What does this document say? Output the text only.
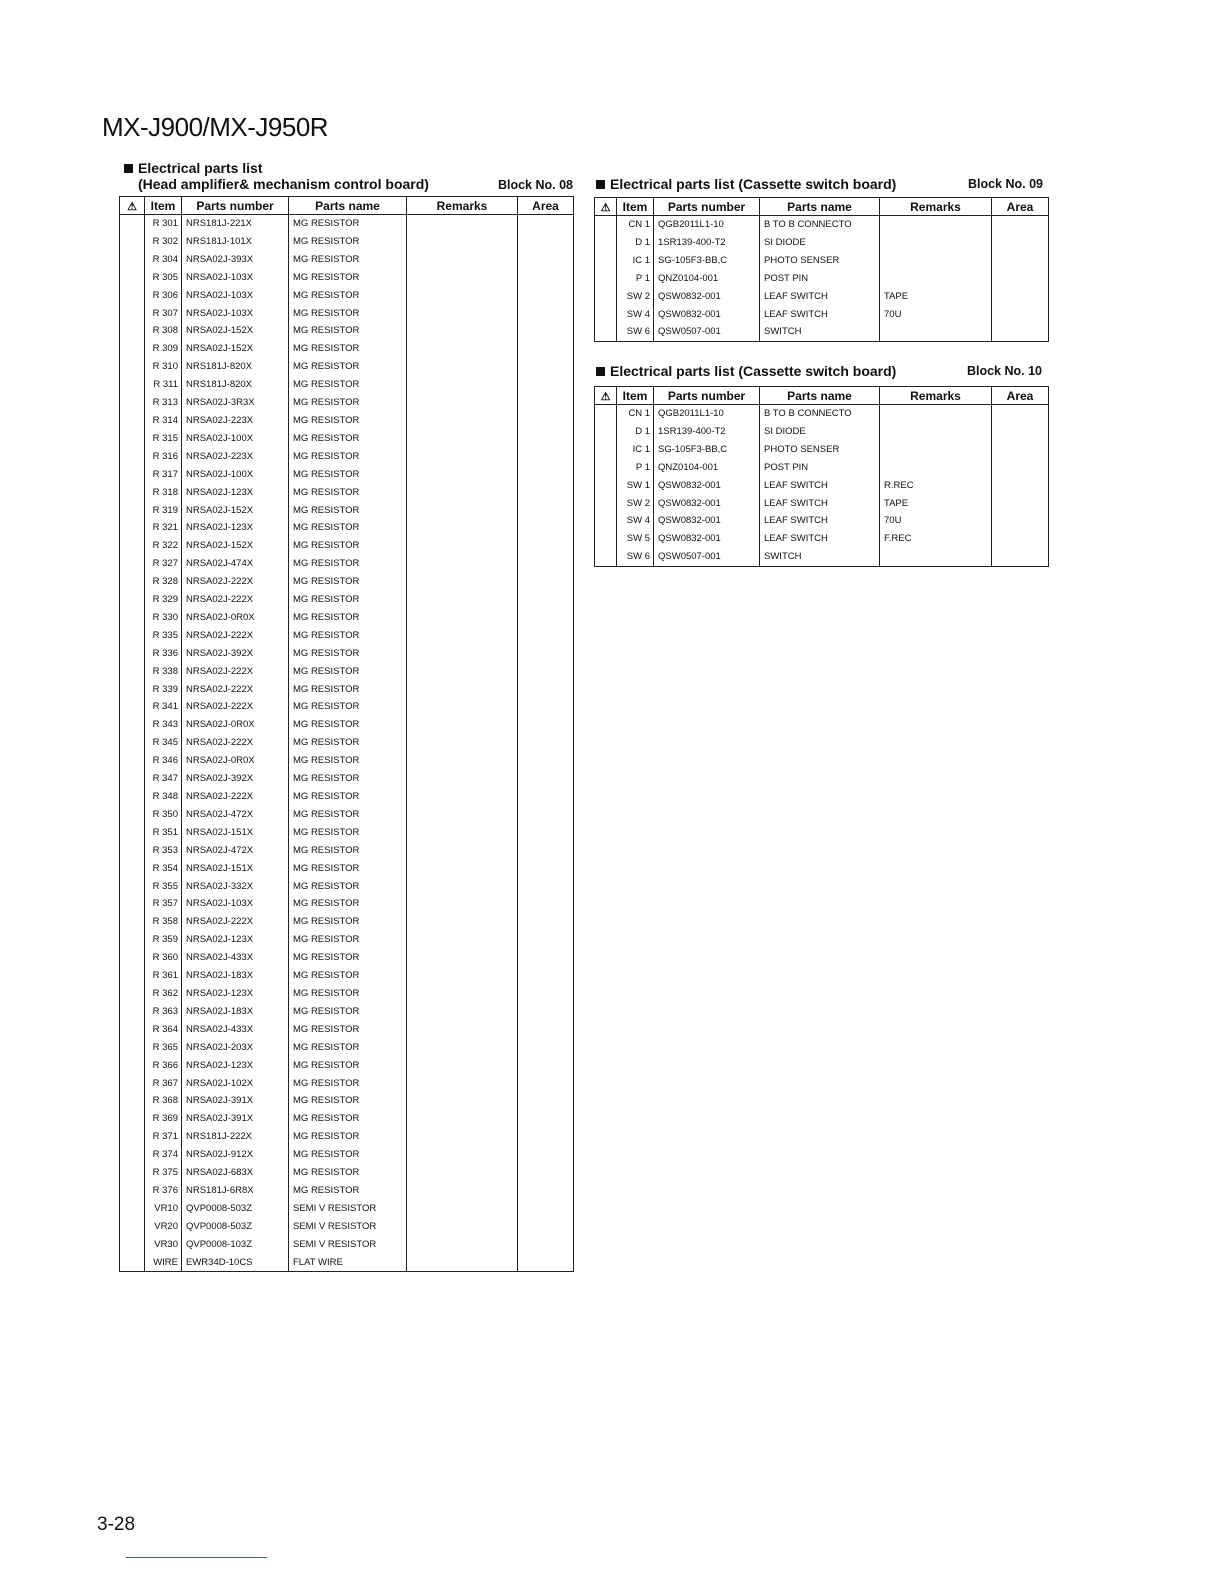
MX-J900/MX-J950R
Electrical parts list
(Head amplifier& mechanism control board)	Block No. 08
⚠	Item	Parts number	Parts name	Remarks	Area
	R 301	NRS181J-221X	MG RESISTOR		
	R 302	NRS181J-101X	MG RESISTOR		
	R 304	NRSA02J-393X	MG RESISTOR		
	R 305	NRSA02J-103X	MG RESISTOR		
	R 306	NRSA02J-103X	MG RESISTOR		
	R 307	NRSA02J-103X	MG RESISTOR		
	R 308	NRSA02J-152X	MG RESISTOR		
	R 309	NRSA02J-152X	MG RESISTOR		
	R 310	NRS181J-820X	MG RESISTOR		
	R 311	NRS181J-820X	MG RESISTOR		
	R 313	NRSA02J-3R3X	MG RESISTOR		
	R 314	NRSA02J-223X	MG RESISTOR		
	R 315	NRSA02J-100X	MG RESISTOR		
	R 316	NRSA02J-223X	MG RESISTOR		
	R 317	NRSA02J-100X	MG RESISTOR		
	R 318	NRSA02J-123X	MG RESISTOR		
	R 319	NRSA02J-152X	MG RESISTOR		
	R 321	NRSA02J-123X	MG RESISTOR		
	R 322	NRSA02J-152X	MG RESISTOR		
	R 327	NRSA02J-474X	MG RESISTOR		
	R 328	NRSA02J-222X	MG RESISTOR		
	R 329	NRSA02J-222X	MG RESISTOR		
	R 330	NRSA02J-0R0X	MG RESISTOR		
	R 335	NRSA02J-222X	MG RESISTOR		
	R 336	NRSA02J-392X	MG RESISTOR		
	R 338	NRSA02J-222X	MG RESISTOR		
	R 339	NRSA02J-222X	MG RESISTOR		
	R 341	NRSA02J-222X	MG RESISTOR		
	R 343	NRSA02J-0R0X	MG RESISTOR		
	R 345	NRSA02J-222X	MG RESISTOR		
	R 346	NRSA02J-0R0X	MG RESISTOR		
	R 347	NRSA02J-392X	MG RESISTOR		
	R 348	NRSA02J-222X	MG RESISTOR		
	R 350	NRSA02J-472X	MG RESISTOR		
	R 351	NRSA02J-151X	MG RESISTOR		
	R 353	NRSA02J-472X	MG RESISTOR		
	R 354	NRSA02J-151X	MG RESISTOR		
	R 355	NRSA02J-332X	MG RESISTOR		
	R 357	NRSA02J-103X	MG RESISTOR		
	R 358	NRSA02J-222X	MG RESISTOR		
	R 359	NRSA02J-123X	MG RESISTOR		
	R 360	NRSA02J-433X	MG RESISTOR		
	R 361	NRSA02J-183X	MG RESISTOR		
	R 362	NRSA02J-123X	MG RESISTOR		
	R 363	NRSA02J-183X	MG RESISTOR		
	R 364	NRSA02J-433X	MG RESISTOR		
	R 365	NRSA02J-203X	MG RESISTOR		
	R 366	NRSA02J-123X	MG RESISTOR		
	R 367	NRSA02J-102X	MG RESISTOR		
	R 368	NRSA02J-391X	MG RESISTOR		
	R 369	NRSA02J-391X	MG RESISTOR		
	R 371	NRS181J-222X	MG RESISTOR		
	R 374	NRSA02J-912X	MG RESISTOR		
	R 375	NRSA02J-683X	MG RESISTOR		
	R 376	NRS181J-6R8X	MG RESISTOR		
	VR10	QVP0008-503Z	SEMI V RESISTOR		
	VR20	QVP0008-503Z	SEMI V RESISTOR		
	VR30	QVP0008-103Z	SEMI V RESISTOR		
	WIRE	EWR34D-10CS	FLAT WIRE		
Electrical parts list (Cassette switch board)	Block No. 09
⚠	Item	Parts number	Parts name	Remarks	Area
	CN 1	QGB2011L1-10	B TO B CONNECTO		
	D 1	1SR139-400-T2	SI DIODE		
	IC 1	SG-105F3-BB,C	PHOTO SENSER		
	P 1	QNZ0104-001	POST PIN		
	SW 2	QSW0832-001	LEAF SWITCH	TAPE	
	SW 4	QSW0832-001	LEAF SWITCH	70U	
	SW 6	QSW0507-001	SWITCH		
Electrical parts list (Cassette switch board)	Block No. 10
⚠	Item	Parts number	Parts name	Remarks	Area
	CN 1	QGB2011L1-10	B TO B CONNECTO		
	D 1	1SR139-400-T2	SI DIODE		
	IC 1	SG-105F3-BB,C	PHOTO SENSER		
	P 1	QNZ0104-001	POST PIN		
	SW 1	QSW0832-001	LEAF SWITCH	R.REC	
	SW 2	QSW0832-001	LEAF SWITCH	TAPE	
	SW 4	QSW0832-001	LEAF SWITCH	70U	
	SW 5	QSW0832-001	LEAF SWITCH	F.REC	
	SW 6	QSW0507-001	SWITCH		
3-28
